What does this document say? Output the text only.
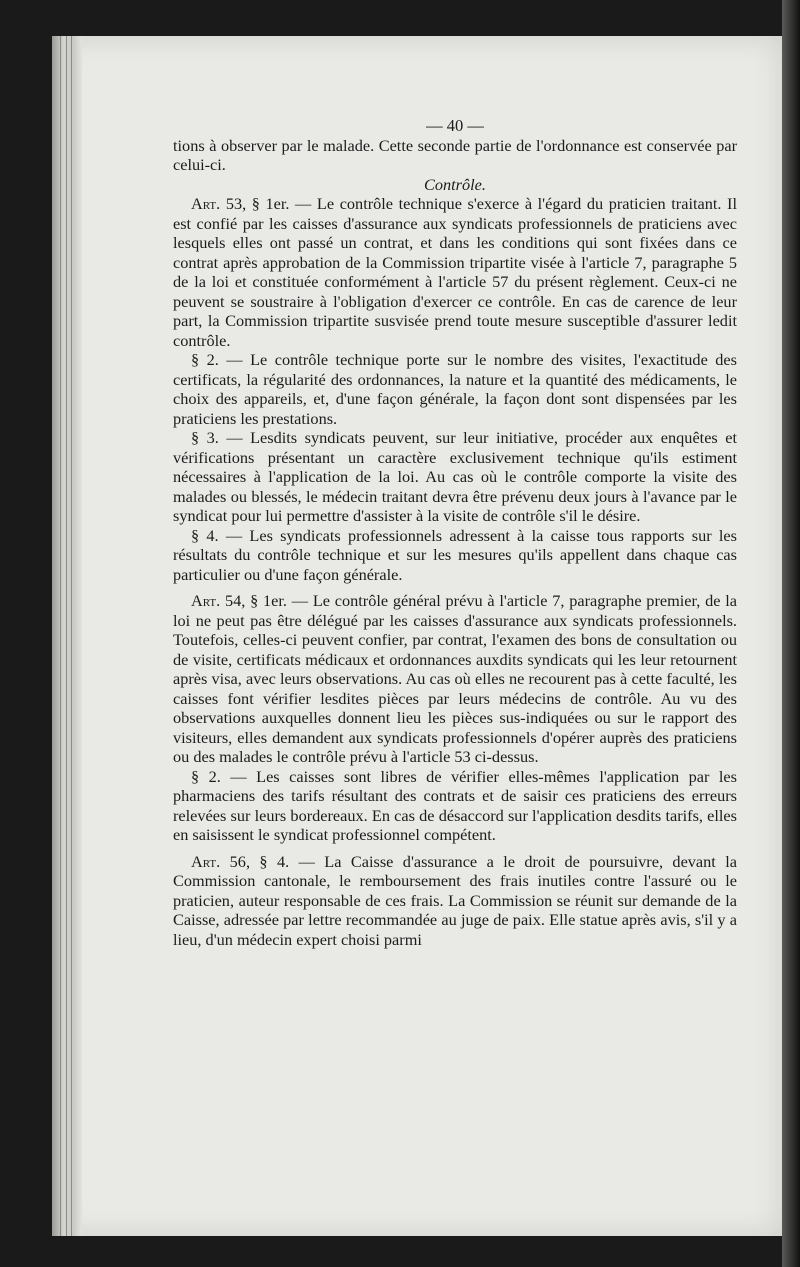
— 40 —

tions à observer par le malade. Cette seconde partie de l'ordonnance est conservée par celui-ci.

Contrôle.

Art. 53, § 1er. — Le contrôle technique s'exerce à l'égard du praticien traitant. Il est confié par les caisses d'assurance aux syndicats professionnels de praticiens avec lesquels elles ont passé un contrat, et dans les conditions qui sont fixées dans ce contrat après approbation de la Commission tripartite visée à l'article 7, paragraphe 5 de la loi et constituée conformément à l'article 57 du présent règlement. Ceux-ci ne peuvent se soustraire à l'obligation d'exercer ce contrôle. En cas de carence de leur part, la Commission tripartite susvisée prend toute mesure susceptible d'assurer ledit contrôle.

§ 2. — Le contrôle technique porte sur le nombre des visites, l'exactitude des certificats, la régularité des ordonnances, la nature et la quantité des médicaments, le choix des appareils, et, d'une façon générale, la façon dont sont dispensées par les praticiens les prestations.

§ 3. — Lesdits syndicats peuvent, sur leur initiative, procéder aux enquêtes et vérifications présentant un caractère exclusivement technique qu'ils estiment nécessaires à l'application de la loi. Au cas où le contrôle comporte la visite des malades ou blessés, le médecin traitant devra être prévenu deux jours à l'avance par le syndicat pour lui permettre d'assister à la visite de contrôle s'il le désire.

§ 4. — Les syndicats professionnels adressent à la caisse tous rapports sur les résultats du contrôle technique et sur les mesures qu'ils appellent dans chaque cas particulier ou d'une façon générale.

Art. 54, § 1er. — Le contrôle général prévu à l'article 7, paragraphe premier, de la loi ne peut pas être délégué par les caisses d'assurance aux syndicats professionnels. Toutefois, celles-ci peuvent confier, par contrat, l'examen des bons de consultation ou de visite, certificats médicaux et ordonnances auxdits syndicats qui les leur retournent après visa, avec leurs observations. Au cas où elles ne recourent pas à cette faculté, les caisses font vérifier lesdites pièces par leurs médecins de contrôle. Au vu des observations auxquelles donnent lieu les pièces sus-indiquées ou sur le rapport des visiteurs, elles demandent aux syndicats professionnels d'opérer auprès des praticiens ou des malades le contrôle prévu à l'article 53 ci-dessus.

§ 2. — Les caisses sont libres de vérifier elles-mêmes l'application par les pharmaciens des tarifs résultant des contrats et de saisir ces praticiens des erreurs relevées sur leurs bordereaux. En cas de désaccord sur l'application desdits tarifs, elles en saisissent le syndicat professionnel compétent.

Art. 56, § 4. — La Caisse d'assurance a le droit de poursuivre, devant la Commission cantonale, le remboursement des frais inutiles contre l'assuré ou le praticien, auteur responsable de ces frais. La Commission se réunit sur demande de la Caisse, adressée par lettre recommandée au juge de paix. Elle statue après avis, s'il y a lieu, d'un médecin expert choisi parmi
